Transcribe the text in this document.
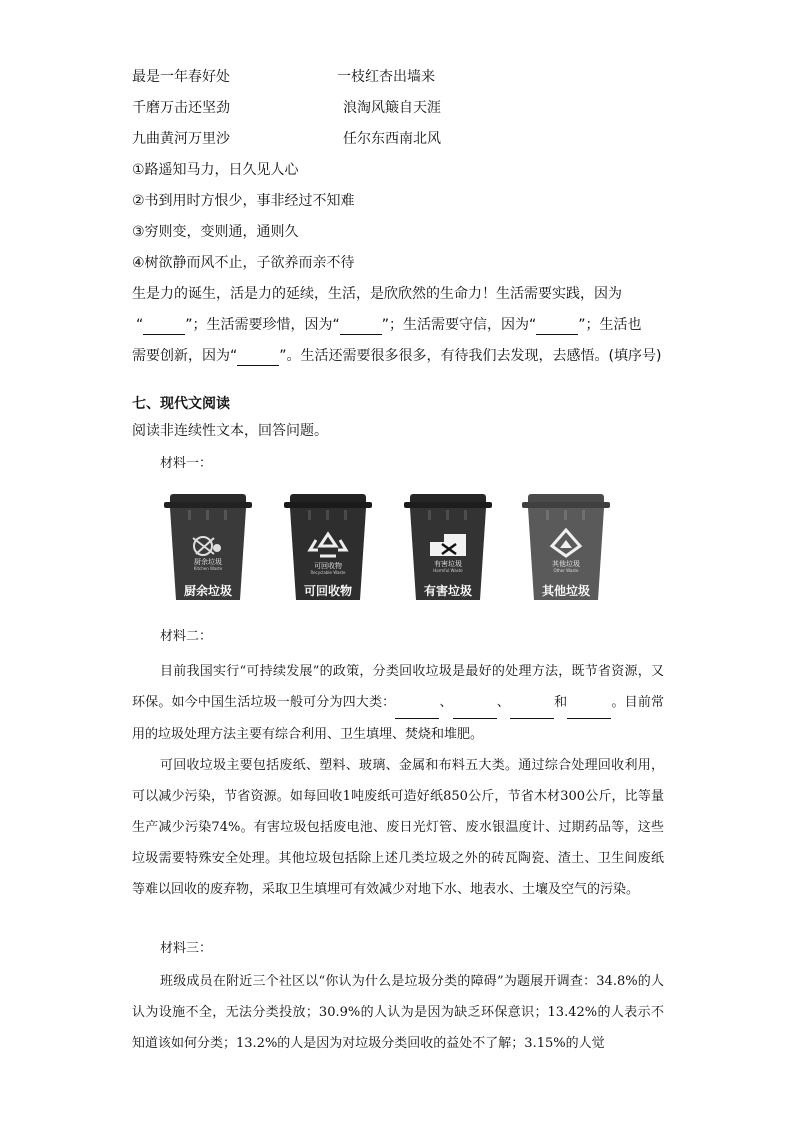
最是一年春好处	一枝红杏出墙来
千磨万击还坚劲	浪淘风簸自天涯
九曲黄河万里沙	任尔东西南北风
①路遥知马力，日久见人心
②书到用时方恨少，事非经过不知难
③穷则变，变则通，通则久
④树欲静而风不止，子欲养而亲不待
生是力的诞生，活是力的延续，生活，是欣欣然的生命力！生活需要实践，因为
“	”；生活需要珍惜，因为“	”；生活需要守信，因为“	”；生活也
需要创新，因为“	”。生活还需要很多很多，有待我们去发现，去感悟。(填序号)
七、现代文阅读
阅读非连续性文本，回答问题。
材料一：
厨余垃圾
Kitchen Waste
厨余垃圾
可回收物
Recyclable Waste
可回收物
有害垃圾
Harmful Waste
有害垃圾
其他垃圾
Other Waste
其他垃圾
材料二：
目前我国实行“可持续发展”的政策，分类回收垃圾是最好的处理方法，既节省资源，又环保。如今中国生活垃圾一般可分为四大类：	、	、	和	。目前常用的垃圾处理方法主要有综合利用、卫生填埋、焚烧和堆肥。
可回收垃圾主要包括废纸、塑料、玻璃、金属和布料五大类。通过综合处理回收利用，可以减少污染，节省资源。如每回收1吨废纸可造好纸850公斤，节省木材300公斤，比等量生产减少污染74%。有害垃圾包括废电池、废日光灯管、废水银温度计、过期药品等，这些垃圾需要特殊安全处理。其他垃圾包括除上述几类垃圾之外的砖瓦陶瓷、渣土、卫生间废纸等难以回收的废弃物，采取卫生填埋可有效减少对地下水、地表水、土壤及空气的污染。
材料三：
班级成员在附近三个社区以“你认为什么是垃圾分类的障碍”为题展开调查：34.8%的人认为设施不全，无法分类投放；30.9%的人认为是因为缺乏环保意识；13.42%的人表示不知道该如何分类；13.2%的人是因为对垃圾分类回收的益处不了解；3.15%的人觉
